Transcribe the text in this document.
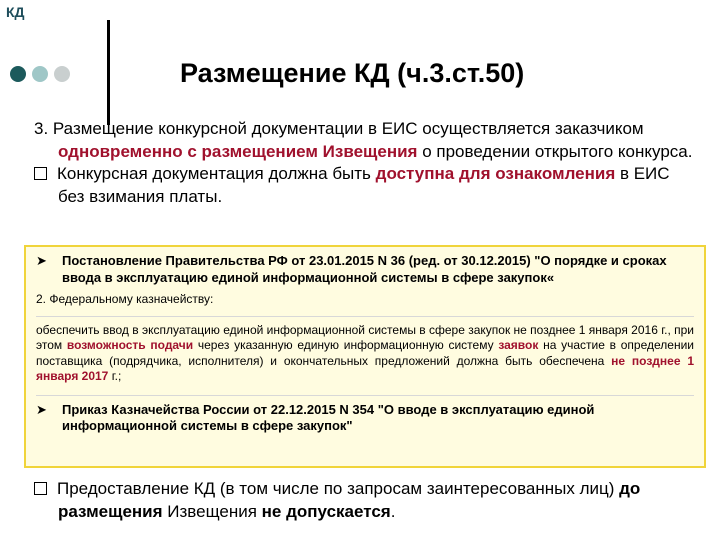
КД
Размещение КД (ч.3.ст.50)

3. Размещение конкурсной документации в ЕИС осуществляется заказчиком одновременно с размещением Извещения о проведении открытого конкурса.

Конкурсная документация должна быть доступна для ознакомления в ЕИС без взимания платы.

➤	Постановление Правительства РФ от 23.01.2015 N 36 (ред. от 30.12.2015) "О порядке и сроках ввода в эксплуатацию единой информационной системы в сфере закупок«

2. Федеральному казначейству:

обеспечить ввод в эксплуатацию единой информационной системы в сфере закупок не позднее 1 января 2016 г., при этом возможность подачи через указанную единую информационную систему заявок на участие в определении поставщика (подрядчика, исполнителя) и окончательных предложений должна быть обеспечена не позднее 1 января 2017 г.;

➤	Приказ Казначейства России от 22.12.2015 N 354 "О вводе в эксплуатацию единой информационной системы в сфере закупок"

Предоставление КД (в том числе по запросам заинтересованных лиц) до размещения Извещения не допускается.
